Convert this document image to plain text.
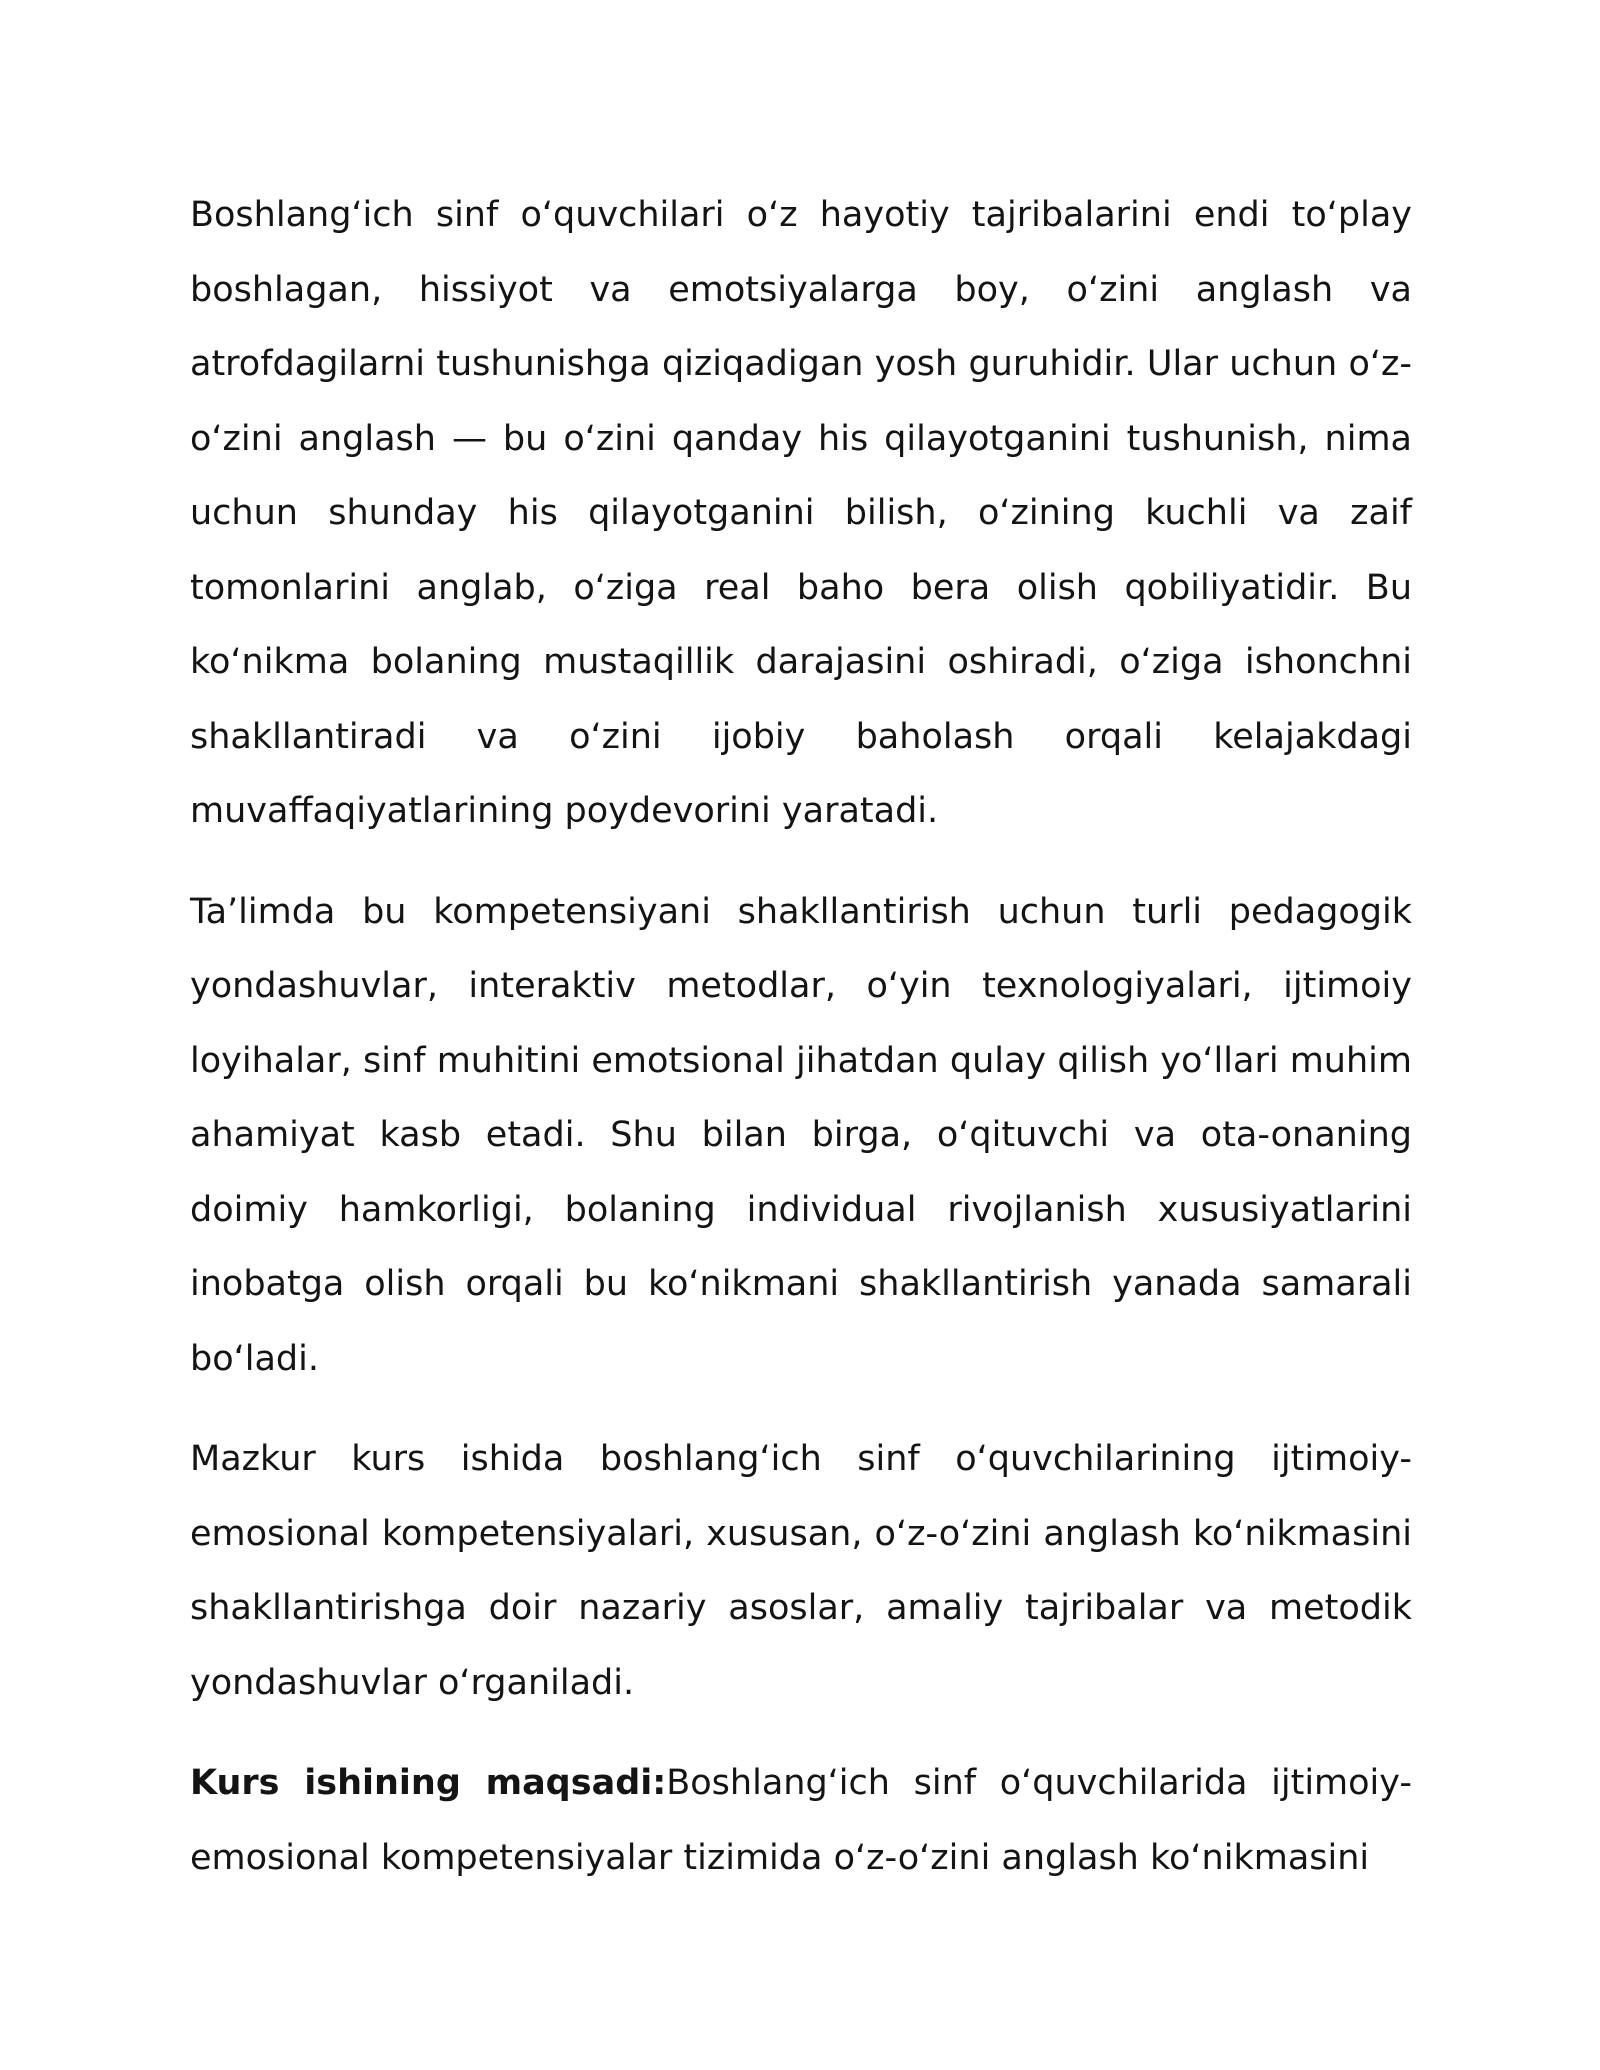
Boshlang‘ich sinf o‘quvchilari o‘z hayotiy tajribalarini endi to‘play boshlagan, hissiyot va emotsiyalarga boy, o‘zini anglash va atrofdagilarni tushunishga qiziqadigan yosh guruhidir. Ular uchun o‘z-o‘zini anglash — bu o‘zini qanday his qilayotganini tushunish, nima uchun shunday his qilayotganini bilish, o‘zining kuchli va zaif tomonlarini anglab, o‘ziga real baho bera olish qobiliyatidir. Bu ko‘nikma bolaning mustaqillik darajasini oshiradi, o‘ziga ishonchni shakllantiradi va o‘zini ijobiy baholash orqali kelajakdagi muvaffaqiyatlarining poydevorini yaratadi.

Ta’limda bu kompetensiyani shakllantirish uchun turli pedagogik yondashuvlar, interaktiv metodlar, o‘yin texnologiyalari, ijtimoiy loyihalar, sinf muhitini emotsional jihatdan qulay qilish yo‘llari muhim ahamiyat kasb etadi. Shu bilan birga, o‘qituvchi va ota-onaning doimiy hamkorligi, bolaning individual rivojlanish xususiyatlarini inobatga olish orqali bu ko‘nikmani shakllantirish yanada samarali bo‘ladi.

Mazkur kurs ishida boshlang‘ich sinf o‘quvchilarining ijtimoiy-emosional kompetensiyalari, xususan, o‘z-o‘zini anglash ko‘nikmasini shakllantirishga doir nazariy asoslar, amaliy tajribalar va metodik yondashuvlar o‘rganiladi.

Kurs ishining maqsadi:Boshlang‘ich sinf o‘quvchilarida ijtimoiy-emosional kompetensiyalar tizimida o‘z-o‘zini anglash ko‘nikmasini
